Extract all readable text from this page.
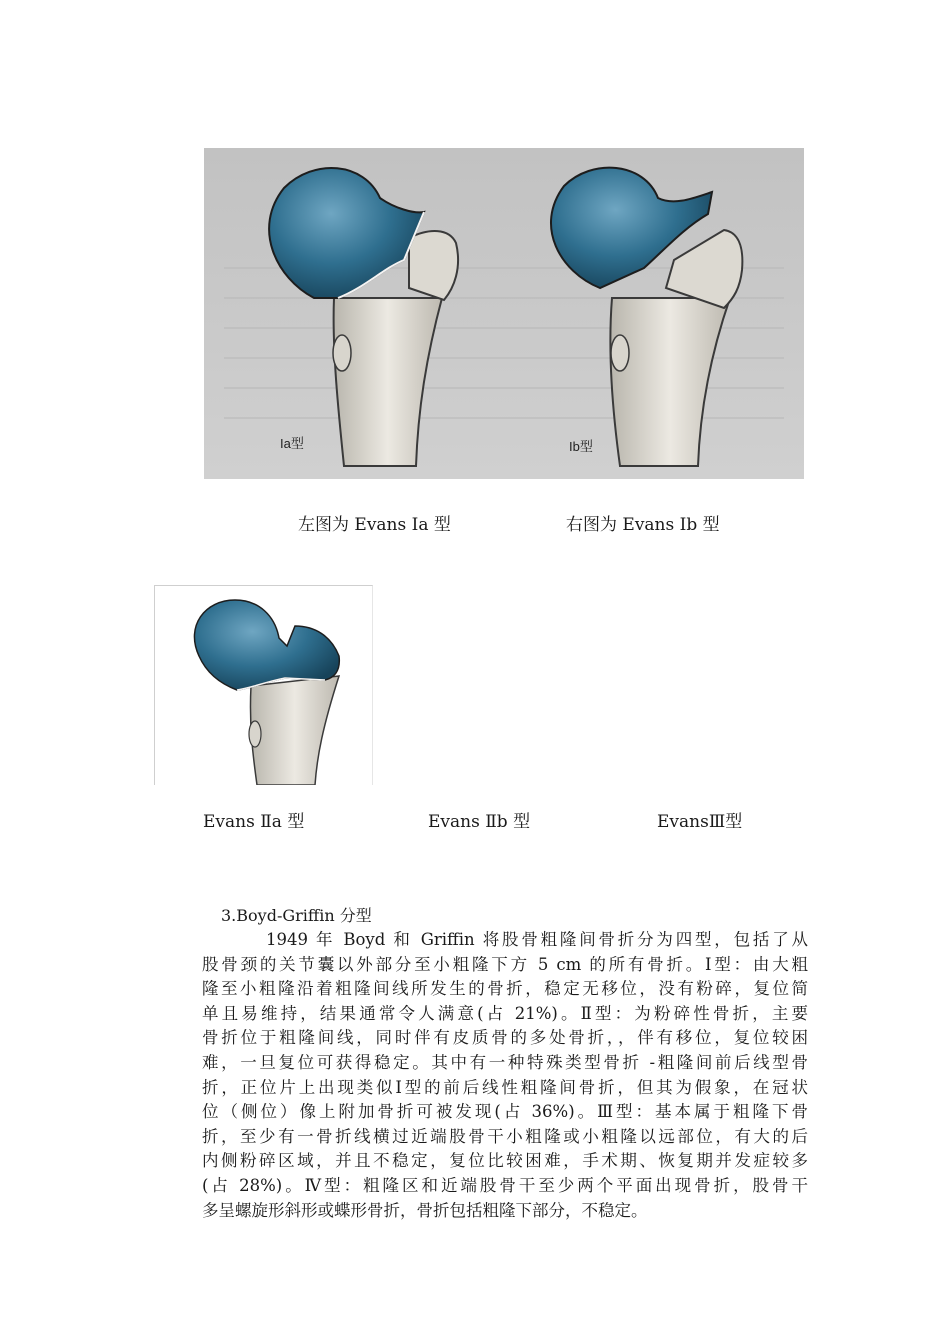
Ia型	Ib型
左图为 Evans Ⅰa 型	右图为 Evans Ⅰb 型
Evans Ⅱa 型	Evans Ⅱb 型	EvansⅢ型
3.Boyd-Griffin 分型
1949 年 Boyd 和 Griffin 将股骨粗隆间骨折分为四型，包括了从
股骨颈的关节囊以外部分至小粗隆下方 5 cm 的所有骨折。Ⅰ型：由大粗
隆至小粗隆沿着粗隆间线所发生的骨折，稳定无移位，没有粉碎，复位简
单且易维持，结果通常令人满意(占 21%)。Ⅱ型：为粉碎性骨折，主要
骨折位于粗隆间线，同时伴有皮质骨的多处骨折，，伴有移位，复位较困
难，一旦复位可获得稳定。其中有一种特殊类型骨折 -粗隆间前后线型骨
折，正位片上出现类似Ⅰ型的前后线性粗隆间骨折，但其为假象，在冠状
位（侧位）像上附加骨折可被发现(占 36%)。Ⅲ型：基本属于粗隆下骨
折，至少有一骨折线横过近端股骨干小粗隆或小粗隆以远部位，有大的后
内侧粉碎区域，并且不稳定，复位比较困难，手术期、恢复期并发症较多
(占 28%)。Ⅳ型：粗隆区和近端股骨干至少两个平面出现骨折，股骨干
多呈螺旋形斜形或蝶形骨折，骨折包括粗隆下部分，不稳定。
